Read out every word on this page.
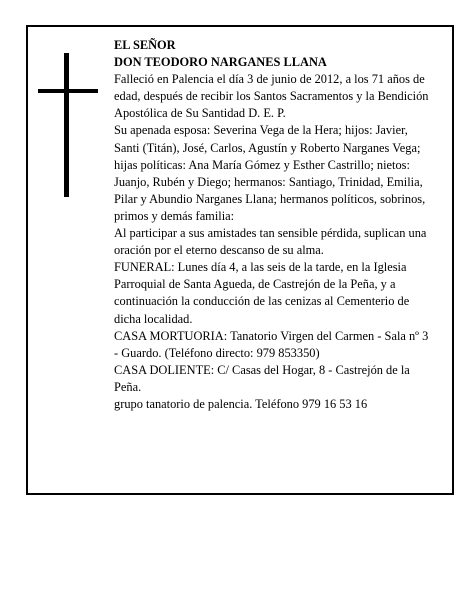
EL SEÑOR

DON TEODORO NARGANES LLANA

Falleció en Palencia el día 3 de junio de 2012, a los 71 años de edad, después de recibir los Santos Sacramentos y la Bendición Apostólica de Su Santidad D. E. P.

Su apenada esposa: Severina Vega de la Hera; hijos: Javier, Santi (Titán), José, Carlos, Agustín y Roberto Narganes Vega; hijas políticas: Ana María Gómez y Esther Castrillo; nietos: Juanjo, Rubén y Diego; hermanos: Santiago, Trinidad, Emilia, Pilar y Abundio Narganes Llana; hermanos políticos, sobrinos, primos y demás familia:

Al participar a sus amistades tan sensible pérdida, suplican una oración por el eterno descanso de su alma.

FUNERAL: Lunes día 4, a las seis de la tarde, en la Iglesia Parroquial de Santa Agueda, de Castrejón de la Peña, y a continuación la conducción de las cenizas al Cementerio de dicha localidad.

CASA MORTUORIA: Tanatorio Virgen del Carmen - Sala nº 3 - Guardo. (Teléfono directo: 979 853350)

CASA DOLIENTE: C/ Casas del Hogar, 8 - Castrejón de la Peña.

grupo tanatorio de palencia. Teléfono 979 16 53 16
